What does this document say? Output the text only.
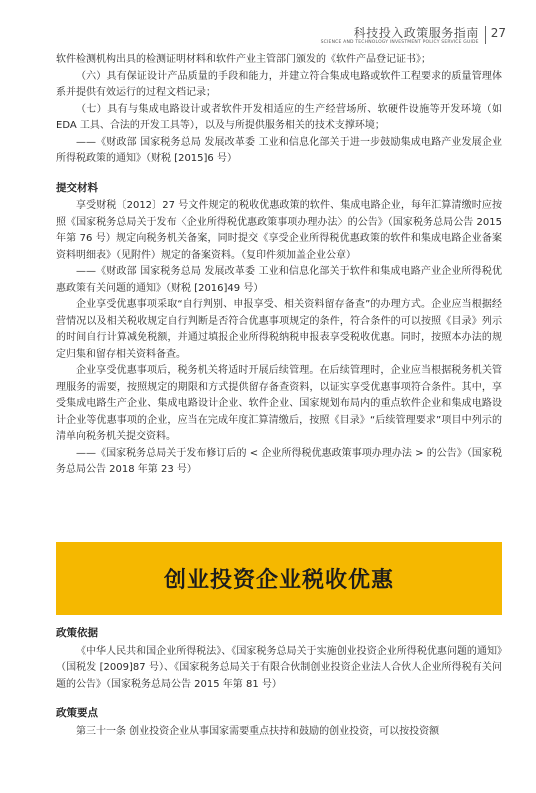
科技投入政策服务指南
SCIENCE AND TECHNOLOGY INVESTMENT POLICY SERVICE GUIDE
27

软件检测机构出具的检测证明材料和软件产业主管部门颁发的《软件产品登记证书》；

（六）具有保证设计产品质量的手段和能力，并建立符合集成电路或软件工程要求的质量管理体系并提供有效运行的过程文档记录；

（七）具有与集成电路设计或者软件开发相适应的生产经营场所、软硬件设施等开发环境（如 EDA 工具、合法的开发工具等），以及与所提供服务相关的技术支撑环境；

——《财政部 国家税务总局 发展改革委 工业和信息化部关于进一步鼓励集成电路产业发展企业所得税政策的通知》（财税 [2015]6 号）

提交材料

享受财税〔2012〕27 号文件规定的税收优惠政策的软件、集成电路企业，每年汇算清缴时应按照《国家税务总局关于发布〈企业所得税优惠政策事项办理办法〉的公告》（国家税务总局公告 2015 年第 76 号）规定向税务机关备案，同时提交《享受企业所得税优惠政策的软件和集成电路企业备案资料明细表》（见附件）规定的备案资料。（复印件须加盖企业公章）

——《财政部 国家税务总局 发展改革委 工业和信息化部关于软件和集成电路产业企业所得税优惠政策有关问题的通知》（财税 [2016]49 号）

企业享受优惠事项采取“自行判别、申报享受、相关资料留存备查”的办理方式。企业应当根据经营情况以及相关税收规定自行判断是否符合优惠事项规定的条件，符合条件的可以按照《目录》列示的时间自行计算减免税额，并通过填报企业所得税纳税申报表享受税收优惠。同时，按照本办法的规定归集和留存相关资料备查。

企业享受优惠事项后，税务机关将适时开展后续管理。在后续管理时，企业应当根据税务机关管理服务的需要，按照规定的期限和方式提供留存备查资料，以证实享受优惠事项符合条件。其中，享受集成电路生产企业、集成电路设计企业、软件企业、国家规划布局内的重点软件企业和集成电路设计企业等优惠事项的企业，应当在完成年度汇算清缴后，按照《目录》“后续管理要求”项目中列示的清单向税务机关提交资料。

——《国家税务总局关于发布修订后的 < 企业所得税优惠政策事项办理办法 > 的公告》（国家税务总局公告 2018 年第 23 号）

创业投资企业税收优惠
政策依据

《中华人民共和国企业所得税法》、《国家税务总局关于实施创业投资企业所得税优惠问题的通知》（国税发 [2009]87 号）、《国家税务总局关于有限合伙制创业投资企业法人合伙人企业所得税有关问题的公告》（国家税务总局公告 2015 年第 81 号）

政策要点

第三十一条 创业投资企业从事国家需要重点扶持和鼓励的创业投资，可以按投资额
